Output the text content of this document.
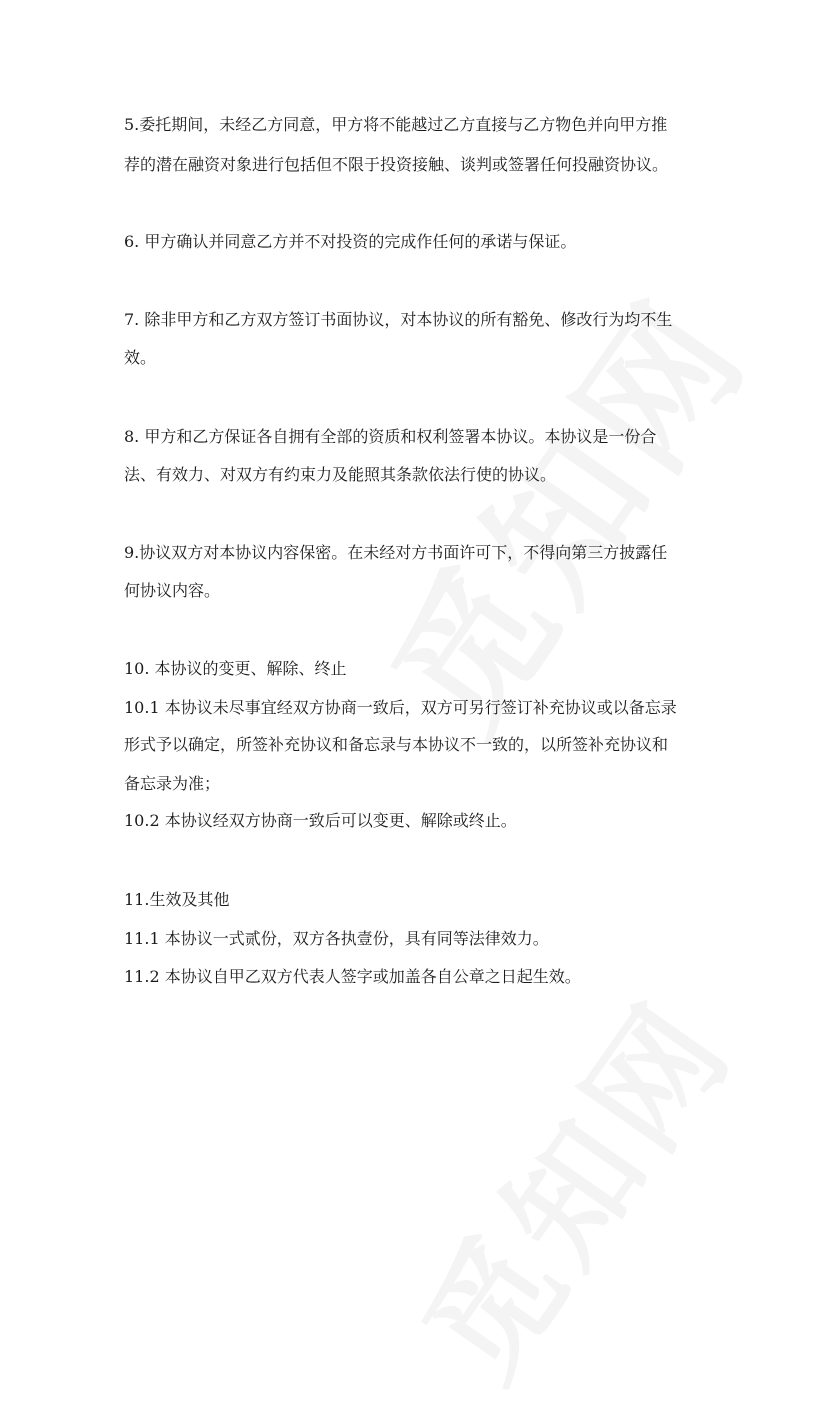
5.委托期间，未经乙方同意，甲方将不能越过乙方直接与乙方物色并向甲方推
荐的潜在融资对象进行包括但不限于投资接触、谈判或签署任何投融资协议。
6. 甲方确认并同意乙方并不对投资的完成作任何的承诺与保证。
7. 除非甲方和乙方双方签订书面协议，对本协议的所有豁免、修改行为均不生
效。
8. 甲方和乙方保证各自拥有全部的资质和权利签署本协议。本协议是一份合
法、有效力、对双方有约束力及能照其条款依法行使的协议。
9.协议双方对本协议内容保密。在未经对方书面许可下，不得向第三方披露任
何协议内容。
10. 本协议的变更、解除、终止
10.1 本协议未尽事宜经双方协商一致后，双方可另行签订补充协议或以备忘录
形式予以确定，所签补充协议和备忘录与本协议不一致的，以所签补充协议和
备忘录为准；
10.2 本协议经双方协商一致后可以变更、解除或终止。
11.生效及其他
11.1 本协议一式贰份，双方各执壹份，具有同等法律效力。
11.2 本协议自甲乙双方代表人签字或加盖各自公章之日起生效。
